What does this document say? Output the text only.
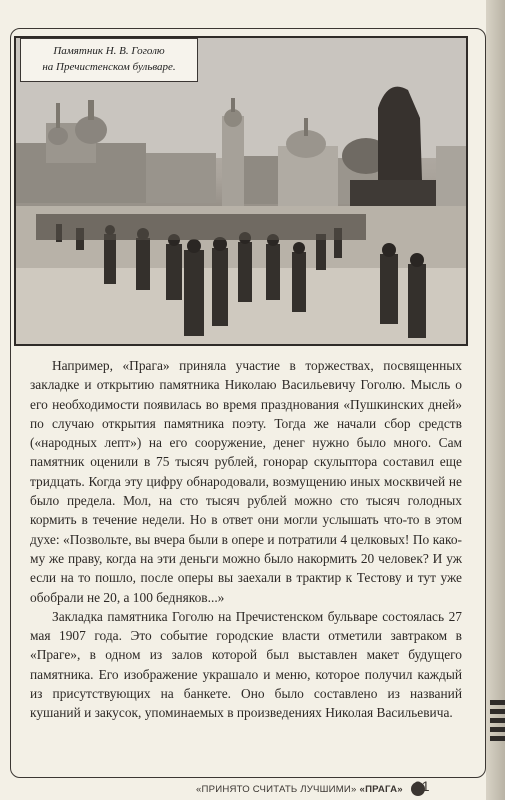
Памятник Н. В. Гоголю
на Пречистенском бульваре.

Например, «Прага» приняла участие в торжествах, посвященных закладке и открытию памятника Николаю Васильевичу Гоголю. Мысль о его необходимости появилась во время празднования «Пушкинских дней» по случаю открытия памятника поэту. Тогда же начали сбор средств («народных лепт») на его сооружение, денег нужно было много. Сам памятник оценили в 75 тысяч рублей, гонорар скульптора составил еще тридцать. Когда эту цифру обнародовали, возмущению иных москвичей не было предела. Мол, на сто тысяч рублей можно сто тысяч голодных кормить в течение недели. Но в ответ они могли услышать что-то в этом духе: «Позвольте, вы вчера были в опере и потратили 4 целковых! По какому же праву, когда на эти деньги можно было накормить 20 человек? И уж если на то пошло, после оперы вы заехали в трактир к Тестову и тут уже обобрали не 20, а 100 бедняков...»

Закладка памятника Гоголю на Пречистенском бульваре состоялась 27 мая 1907 года. Это событие городские власти отметили завтраком в «Праге», в одном из залов которой был выставлен макет будущего памятника. Его изображение украшало и меню, которое получил каждый из присутствующих на банкете. Оно было составлено из названий кушаний и закусок, упоминаемых в произведениях Николая Васильевича.

«ПРИНЯТО СЧИТАТЬ ЛУЧШИМИ» «ПРАГА» 31
